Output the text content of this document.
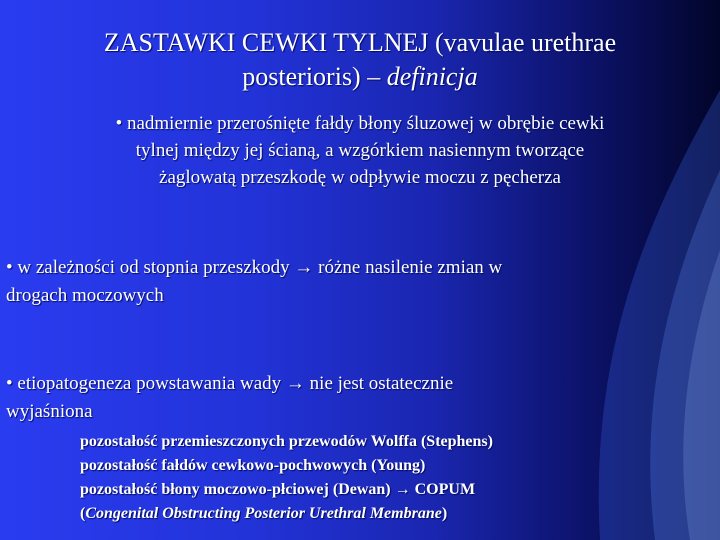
ZASTAWKI CEWKI TYLNEJ (vavulae urethrae
posterioris) – definicja
• nadmiernie przerośnięte fałdy błony śluzowej w obrębie cewki
tylnej między jej ścianą, a wzgórkiem nasiennym tworzące
żaglowatą przeszkodę w odpływie moczu z pęcherza
• w zależności od stopnia przeszkody → różne nasilenie zmian w
drogach moczowych
• etiopatogeneza powstawania wady → nie jest ostatecznie
wyjaśniona
pozostałość przemieszczonych przewodów Wolffa (Stephens)
pozostałość fałdów cewkowo-pochwowych (Young)
pozostałość błony moczowo-płciowej (Dewan) → COPUM
(Congenital Obstructing Posterior Urethral Membrane)
